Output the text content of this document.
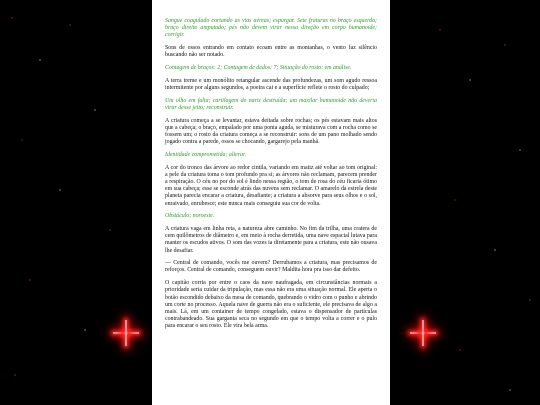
Sangue coagulado cortando as vias aéreas; espurgar. Sete fraturas no braço esquerdo; braço direito amputado; pés não devem virar nessa direção em corpo humanoide; corrigir.

Sons de ossos entrando em contato ecoam entre as montanhas, o vento faz silêncio buscando não ser notado.

Contagem de braços: 2; Contagem de dedos: 7; Situação do rosto: em análise.

A terra treme e um monólito retangular ascende das profundezas, um som agudo ressoa intermitente por alguns segundos, a poeira cai e a superfície reflete o rosto do culpado;

Um olho em falta; cartilagem do nariz destruída; um maxilar humanoide não deveria virar desse jeito; reconstruir.

A criatura começa a se levantar, estava deitada sobre rochas; os pés estavam mais altos que a cabeça; o braço, empalado por uma ponta aguda, se misturava com a rocha como se fossem um; o rosto da criatura começa a se reconstruir: sons de um pano molhado sendo jogado contra a parede, ossos se chocando, gargarejo pela manhã.

Identidade comprometida; alterar.

A cor do tronco das árvore ao redor cintila, variando em matiz até voltar ao tom original: a pele da criatura toma o tom profundo pra si; as árvores não reclamam, parecem prender a respiração. O céu no por do sol é lindo nessa região, o tom de rosa do céu ficaria ótimo em sua cabeça; esse se escondе atrás das nuvens sem reclamar. O amarelo da estrela deste planeta parecia encarar a criatura, desafiante; a criatura a absorve para seus olhos e o sol, enraivado, enrubesce; este nunca mais conseguiu sua cor de volta.

Obstáculo; noroeste.

A criatura vaga em linha reta, a natureza abre caminho. No fim da trilha, uma cratera de cem quilômetros de diâmetro e, em meio à rocha derretida, uma nave espacial lutava para manter os escudos ativos. O som das vozes ia diretamente para a criatura, este não ousava lhe desafiar.

— Central de comando, vocês me ouvem? Derrubamos a criatura, mas precisamos de reforços. Central de comando, conseguem ouvir? Maldita hora pra isso dar defeito.

O capitão corria por entre o caos da nave naufragada, em circunstâncias normais a prioridade seria cuidar da tripulação, mas essa não era uma situação normal. Ele aperta o botão escondido debaixo da mesa de comando, quebrando o vidro com o punho e abrindo um corte no processo. Aquela nave de guerra não era o suficiente, ele precisava de algo a mais. Lá, em um container de tempo congelado, estava o dispensador de partículas contrabandeado. Sua garganta seca no segundo em que o tempo volta a correr e o pulo para encarar o seu rosto. Ele vira bela arma.
